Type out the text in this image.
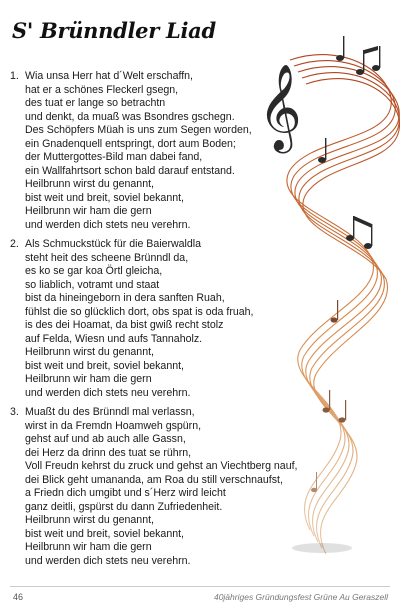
S' Brünndler Liad
1. Wia unsa Herr hat d´Welt erschaffn,
hat er a schönes Fleckerl gsegn,
des tuat er lange so betrachtn
und denkt, da muaß was Bsondres gschegn.
Des Schöpfers Müah is uns zum Segen worden,
ein Gnadenquell entspringt, dort aum Boden;
der Muttergottes-Bild man dabei fand,
ein Wallfahrtsort schon bald darauf entstand.
Heilbrunn wirst du genannt,
bist weit und breit, soviel bekannt,
Heilbrunn wir ham die gern
und werden dich stets neu verehrn.
2. Als Schmuckstück für die Baierwaldla
steht heit des scheene Brünndl da,
es ko se gar koa Örtl gleicha,
so liablich, votramt und staat
bist da hineingeborn in dera sanften Ruah,
fühlst die so glücklich dort, obs spat is oda fruah,
is des dei Hoamat, da bist gwiß recht stolz
auf Felda, Wiesn und aufs Tannaholz.
Heilbrunn wirst du genannt,
bist weit und breit, soviel bekannt,
Heilbrunn wir ham die gern
und werden dich stets neu verehrn.
3. Muaßt du des Brünndl mal verlassn,
wirst in da Fremdn Hoamweh gspürn,
gehst auf und ab auch alle Gassn,
dei Herz da drinn des tuat se rührn,
Voll Freudn kehrst du zruck und gehst an Viechtberg nauf,
dei Blick geht umananda, am Roa du still verschnaufst,
a Friedn dich umgibt und s´Herz wird leicht
ganz deitli, gspürst du dann Zufriedenheit.
Heilbrunn wirst du genannt,
bist weit und breit, soviel bekannt,
Heilbrunn wir ham die gern
und werden dich stets neu verehrn.
𝄞
46	40jähriges Gründungsfest Grüne Au Geraszell
